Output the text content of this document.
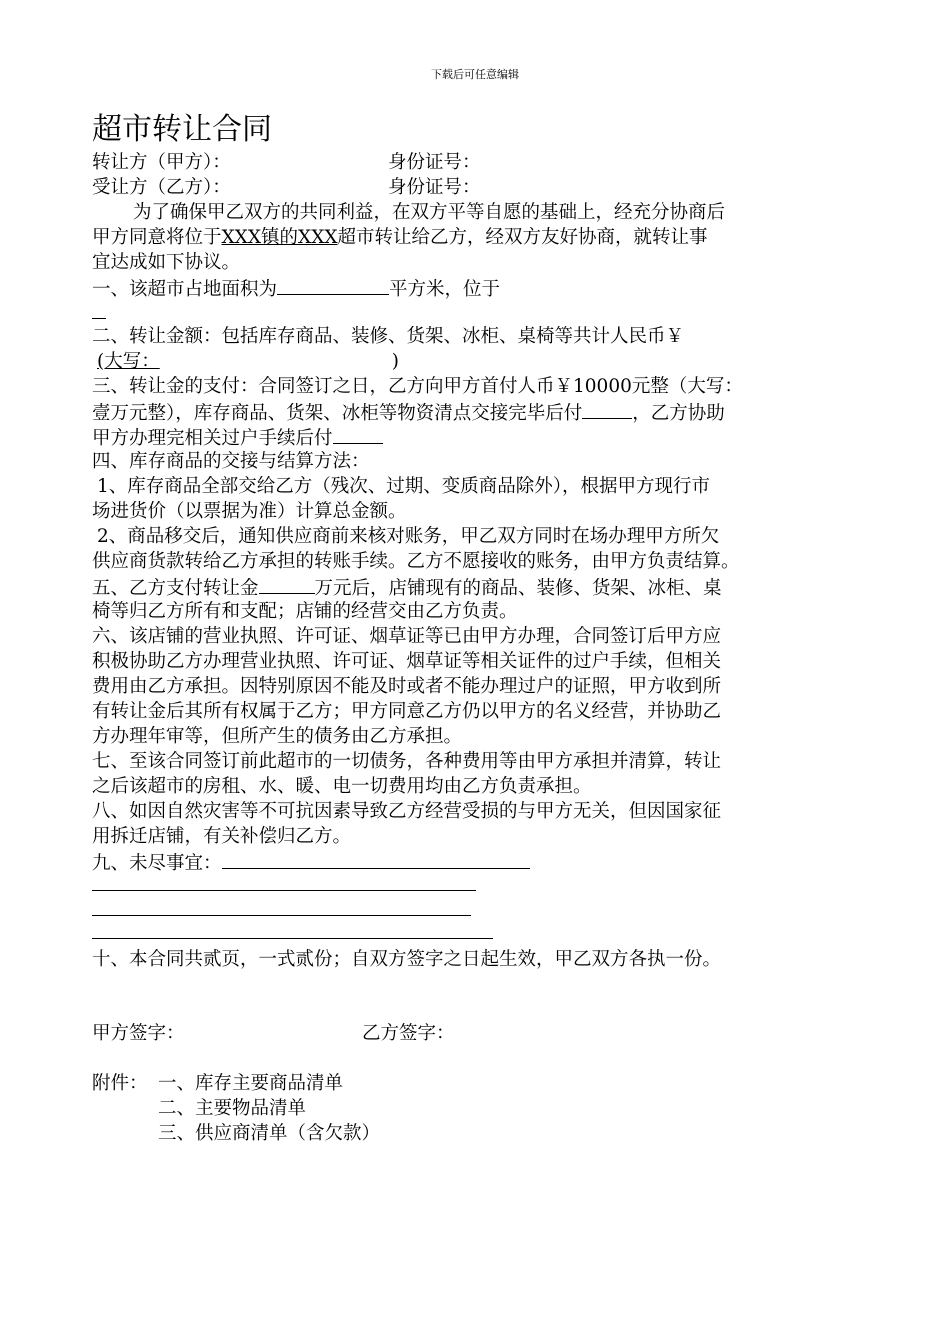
下载后可任意编辑
超市转让合同
转让方（甲方）：	身份证号：
受让方（乙方）：	身份证号：
为了确保甲乙双方的共同利益，在双方平等自愿的基础上，经充分协商后
甲方同意将位于XXX镇的XXX超市转让给乙方，经双方友好协商，就转让事
宜达成如下协议。
一、该超市占地面积为	平方米，位于
二、转让金额：包括库存商品、装修、货架、冰柜、桌椅等共计人民币￥
(大写：	)
三、转让金的支付：合同签订之日，乙方向甲方首付人币￥10000元整（大写：
壹万元整），库存商品、货架、冰柜等物资清点交接完毕后付	，乙方协助
甲方办理完相关过户手续后付
四、库存商品的交接与结算方法：
1、库存商品全部交给乙方（残次、过期、变质商品除外），根据甲方现行市
场进货价（以票据为准）计算总金额。
2、商品移交后，通知供应商前来核对账务，甲乙双方同时在场办理甲方所欠
供应商货款转给乙方承担的转账手续。乙方不愿接收的账务，由甲方负责结算。
五、乙方支付转让金	万元后，店铺现有的商品、装修、货架、冰柜、桌
椅等归乙方所有和支配；店铺的经营交由乙方负责。
六、该店铺的营业执照、许可证、烟草证等已由甲方办理，合同签订后甲方应
积极协助乙方办理营业执照、许可证、烟草证等相关证件的过户手续，但相关
费用由乙方承担。因特别原因不能及时或者不能办理过户的证照，甲方收到所
有转让金后其所有权属于乙方；甲方同意乙方仍以甲方的名义经营，并协助乙
方办理年审等，但所产生的债务由乙方承担。
七、至该合同签订前此超市的一切债务，各种费用等由甲方承担并清算，转让
之后该超市的房租、水、暖、电一切费用均由乙方负责承担。
八、如因自然灾害等不可抗因素导致乙方经营受损的与甲方无关，但因国家征
用拆迁店铺，有关补偿归乙方。
九、未尽事宜：
十、本合同共贰页，一式贰份；自双方签字之日起生效，甲乙双方各执一份。
甲方签字：	乙方签字：
附件： 一、库存主要商品清单
二、主要物品清单
三、供应商清单（含欠款）
